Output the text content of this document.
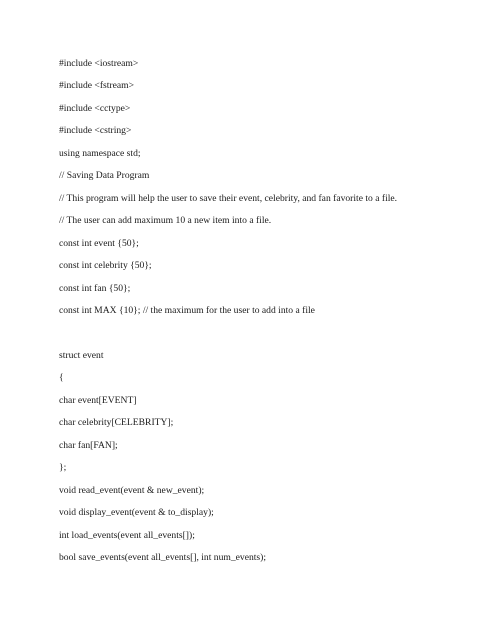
#include <iostream>

#include <fstream>

#include <cctype>

#include <cstring>

using namespace std;

// Saving Data Program

// This program will help the user to save their event, celebrity, and fan favorite to a file.

// The user can add maximum 10 a new item into a file.

const int event {50};

const int celebrity {50};

const int fan {50};

const int MAX {10}; // the maximum for the user to add into a file

struct event

{

char event[EVENT]

char celebrity[CELEBRITY];

char fan[FAN];

};

void read_event(event & new_event);

void display_event(event & to_display);

int load_events(event all_events[]);

bool save_events(event all_events[], int num_events);
